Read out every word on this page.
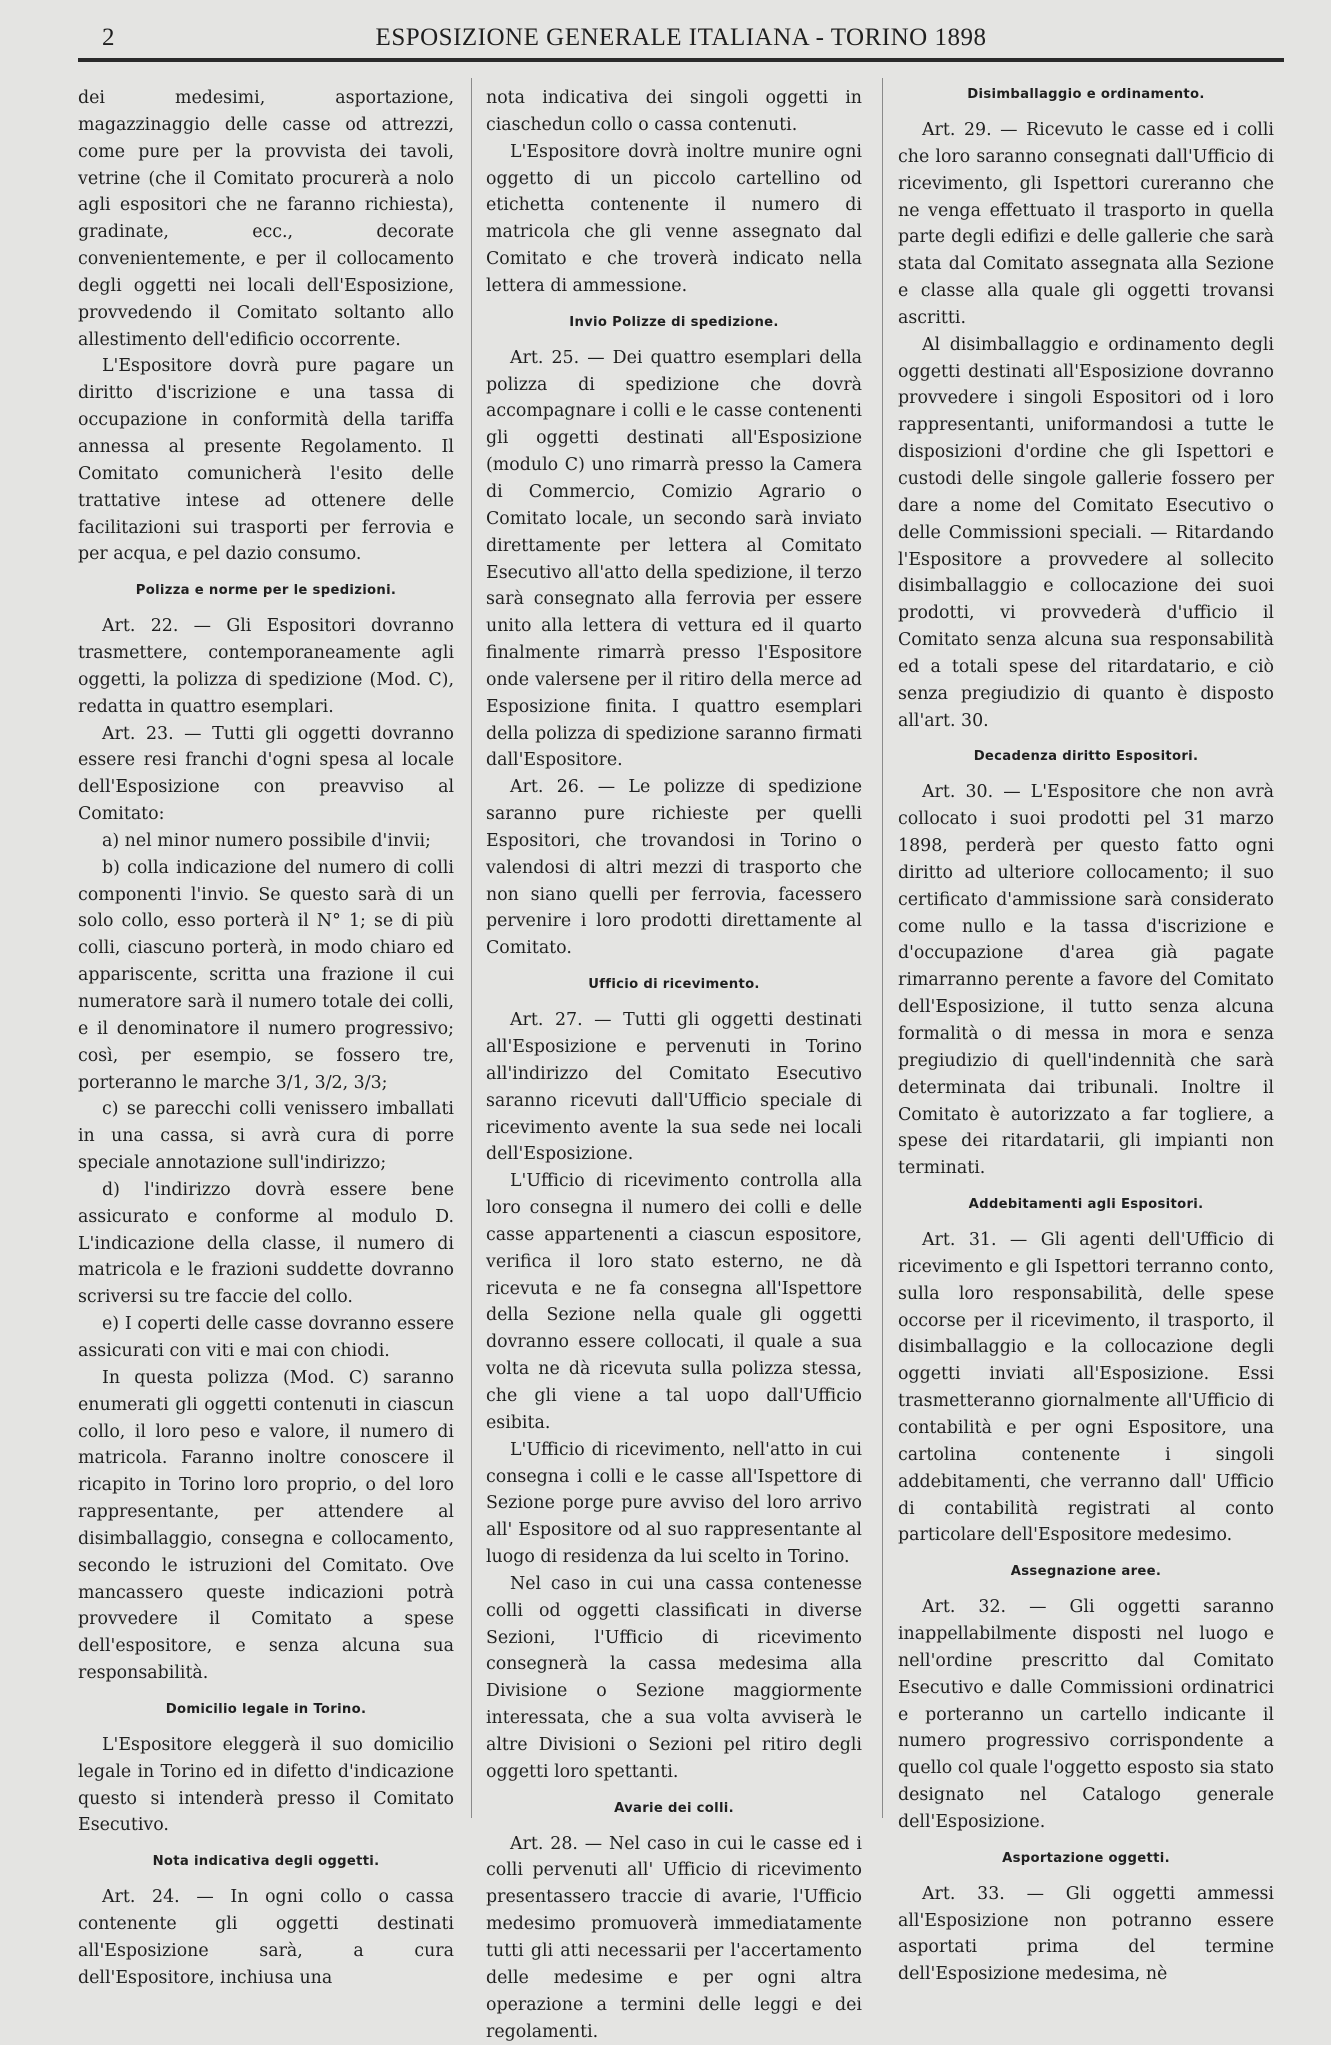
2	ESPOSIZIONE GENERALE ITALIANA - TORINO 1898

dei medesimi, asportazione, magazzinaggio delle casse od attrezzi, come pure per la provvista dei tavoli, vetrine (che il Comitato procurerà a nolo agli espositori che ne faranno richiesta), gradinate, ecc., decorate convenientemente, e per il collocamento degli oggetti nei locali dell'Esposizione, provvedendo il Comitato soltanto allo allestimento dell'edificio occorrente.

L'Espositore dovrà pure pagare un diritto d'iscrizione e una tassa di occupazione in conformità della tariffa annessa al presente Regolamento. Il Comitato comunicherà l'esito delle trattative intese ad ottenere delle facilitazioni sui trasporti per ferrovia e per acqua, e pel dazio consumo.

Polizza e norme per le spedizioni.

Art. 22. — Gli Espositori dovranno trasmettere, contemporaneamente agli oggetti, la polizza di spedizione (Mod. C), redatta in quattro esemplari.

Art. 23. — Tutti gli oggetti dovranno essere resi franchi d'ogni spesa al locale dell'Esposizione con preavviso al Comitato:

a) nel minor numero possibile d'invii;

b) colla indicazione del numero di colli componenti l'invio. Se questo sarà di un solo collo, esso porterà il N° 1; se di più colli, ciascuno porterà, in modo chiaro ed appariscente, scritta una frazione il cui numeratore sarà il numero totale dei colli, e il denominatore il numero progressivo; così, per esempio, se fossero tre, porteranno le marche 3/1, 3/2, 3/3;

c) se parecchi colli venissero imballati in una cassa, si avrà cura di porre speciale annotazione sull'indirizzo;

d) l'indirizzo dovrà essere bene assicurato e conforme al modulo D. L'indicazione della classe, il numero di matricola e le frazioni suddette dovranno scriversi su tre faccie del collo.

e) I coperti delle casse dovranno essere assicurati con viti e mai con chiodi.

In questa polizza (Mod. C) saranno enumerati gli oggetti contenuti in ciascun collo, il loro peso e valore, il numero di matricola. Faranno inoltre conoscere il ricapito in Torino loro proprio, o del loro rappresentante, per attendere al disimballaggio, consegna e collocamento, secondo le istruzioni del Comitato. Ove mancassero queste indicazioni potrà provvedere il Comitato a spese dell'espositore, e senza alcuna sua responsabilità.

Domicilio legale in Torino.

L'Espositore eleggerà il suo domicilio legale in Torino ed in difetto d'indicazione questo si intenderà presso il Comitato Esecutivo.

Nota indicativa degli oggetti.

Art. 24. — In ogni collo o cassa contenente gli oggetti destinati all'Esposizione sarà, a cura dell'Espositore, inchiusa una

nota indicativa dei singoli oggetti in ciaschedun collo o cassa contenuti.

L'Espositore dovrà inoltre munire ogni oggetto di un piccolo cartellino od etichetta contenente il numero di matricola che gli venne assegnato dal Comitato e che troverà indicato nella lettera di ammessione.

Invio Polizze di spedizione.

Art. 25. — Dei quattro esemplari della polizza di spedizione che dovrà accompagnare i colli e le casse contenenti gli oggetti destinati all'Esposizione (modulo C) uno rimarrà presso la Camera di Commercio, Comizio Agrario o Comitato locale, un secondo sarà inviato direttamente per lettera al Comitato Esecutivo all'atto della spedizione, il terzo sarà consegnato alla ferrovia per essere unito alla lettera di vettura ed il quarto finalmente rimarrà presso l'Espositore onde valersene per il ritiro della merce ad Esposizione finita. I quattro esemplari della polizza di spedizione saranno firmati dall'Espositore.

Art. 26. — Le polizze di spedizione saranno pure richieste per quelli Espositori, che trovandosi in Torino o valendosi di altri mezzi di trasporto che non siano quelli per ferrovia, facessero pervenire i loro prodotti direttamente al Comitato.

Ufficio di ricevimento.

Art. 27. — Tutti gli oggetti destinati all'Esposizione e pervenuti in Torino all'indirizzo del Comitato Esecutivo saranno ricevuti dall'Ufficio speciale di ricevimento avente la sua sede nei locali dell'Esposizione.

L'Ufficio di ricevimento controlla alla loro consegna il numero dei colli e delle casse appartenenti a ciascun espositore, verifica il loro stato esterno, ne dà ricevuta e ne fa consegna all'Ispettore della Sezione nella quale gli oggetti dovranno essere collocati, il quale a sua volta ne dà ricevuta sulla polizza stessa, che gli viene a tal uopo dall'Ufficio esibita.

L'Ufficio di ricevimento, nell'atto in cui consegna i colli e le casse all'Ispettore di Sezione porge pure avviso del loro arrivo all' Espositore od al suo rappresentante al luogo di residenza da lui scelto in Torino.

Nel caso in cui una cassa contenesse colli od oggetti classificati in diverse Sezioni, l'Ufficio di ricevimento consegnerà la cassa medesima alla Divisione o Sezione maggiormente interessata, che a sua volta avviserà le altre Divisioni o Sezioni pel ritiro degli oggetti loro spettanti.

Avarie dei colli.

Art. 28. — Nel caso in cui le casse ed i colli pervenuti all' Ufficio di ricevimento presentassero traccie di avarie, l'Ufficio medesimo promuoverà immediatamente tutti gli atti necessarii per l'accertamento delle medesime e per ogni altra operazione a termini delle leggi e dei regolamenti.

Disimballaggio e ordinamento.

Art. 29. — Ricevuto le casse ed i colli che loro saranno consegnati dall'Ufficio di ricevimento, gli Ispettori cureranno che ne venga effettuato il trasporto in quella parte degli edifizi e delle gallerie che sarà stata dal Comitato assegnata alla Sezione e classe alla quale gli oggetti trovansi ascritti.

Al disimballaggio e ordinamento degli oggetti destinati all'Esposizione dovranno provvedere i singoli Espositori od i loro rappresentanti, uniformandosi a tutte le disposizioni d'ordine che gli Ispettori e custodi delle singole gallerie fossero per dare a nome del Comitato Esecutivo o delle Commissioni speciali. — Ritardando l'Espositore a provvedere al sollecito disimballaggio e collocazione dei suoi prodotti, vi provvederà d'ufficio il Comitato senza alcuna sua responsabilità ed a totali spese del ritardatario, e ciò senza pregiudizio di quanto è disposto all'art. 30.

Decadenza diritto Espositori.

Art. 30. — L'Espositore che non avrà collocato i suoi prodotti pel 31 marzo 1898, perderà per questo fatto ogni diritto ad ulteriore collocamento; il suo certificato d'ammissione sarà considerato come nullo e la tassa d'iscrizione e d'occupazione d'area già pagate rimarranno perente a favore del Comitato dell'Esposizione, il tutto senza alcuna formalità o di messa in mora e senza pregiudizio di quell'indennità che sarà determinata dai tribunali. Inoltre il Comitato è autorizzato a far togliere, a spese dei ritardatarii, gli impianti non terminati.

Addebitamenti agli Espositori.

Art. 31. — Gli agenti dell'Ufficio di ricevimento e gli Ispettori terranno conto, sulla loro responsabilità, delle spese occorse per il ricevimento, il trasporto, il disimballaggio e la collocazione degli oggetti inviati all'Esposizione. Essi trasmetteranno giornalmente all'Ufficio di contabilità e per ogni Espositore, una cartolina contenente i singoli addebitamenti, che verranno dall' Ufficio di contabilità registrati al conto particolare dell'Espositore medesimo.

Assegnazione aree.

Art. 32. — Gli oggetti saranno inappellabilmente disposti nel luogo e nell'ordine prescritto dal Comitato Esecutivo e dalle Commissioni ordinatrici e porteranno un cartello indicante il numero progressivo corrispondente a quello col quale l'oggetto esposto sia stato designato nel Catalogo generale dell'Esposizione.

Asportazione oggetti.

Art. 33. — Gli oggetti ammessi all'Esposizione non potranno essere asportati prima del termine dell'Esposizione medesima, nè
